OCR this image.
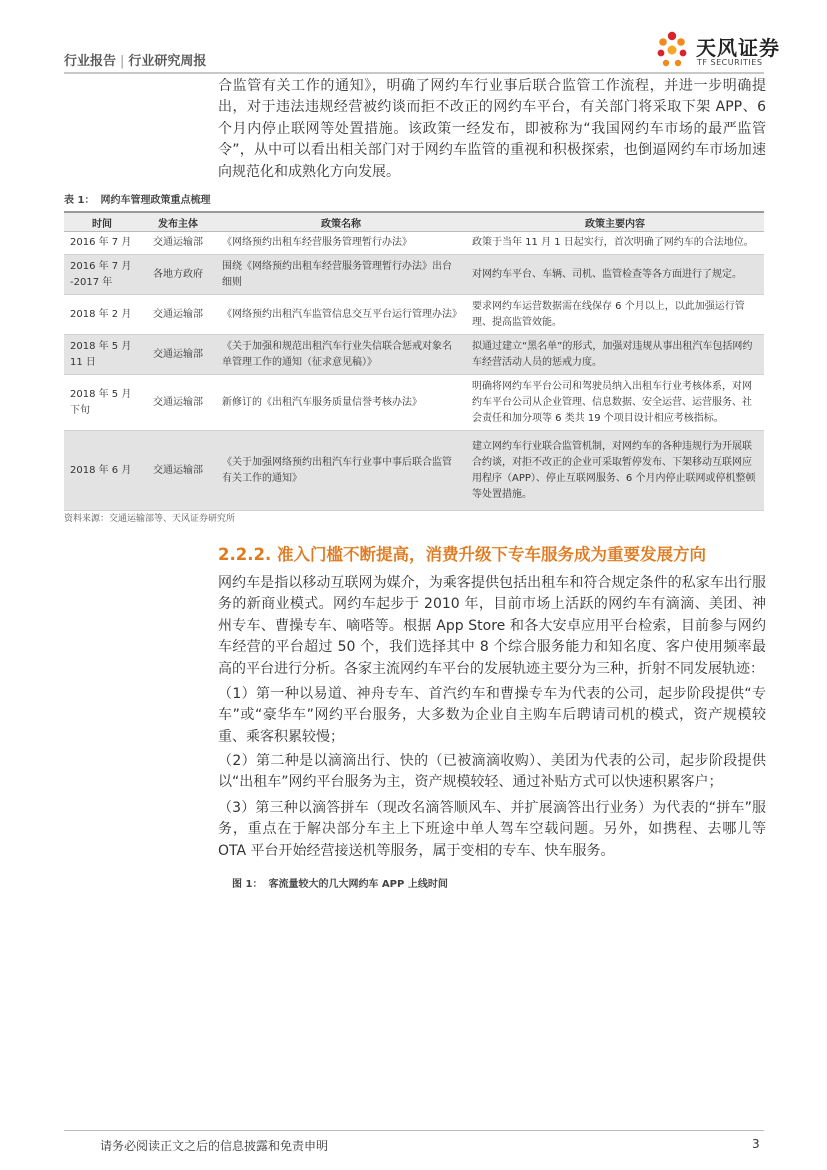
行业报告 | 行业研究周报
天风证券
TF SECURITIES

合监管有关工作的通知》，明确了网约车行业事后联合监管工作流程，并进一步明确提出，对于违法违规经营被约谈而拒不改正的网约车平台，有关部门将采取下架 APP、6 个月内停止联网等处置措施。该政策一经发布，即被称为“我国网约车市场的最严监管令”，从中可以看出相关部门对于网约车监管的重视和积极探索，也倒逼网约车市场加速向规范化和成熟化方向发展。

表 1： 网约车管理政策重点梳理

时间	发布主体	政策名称	政策主要内容
2016 年 7 月	交通运输部	《网络预约出租车经营服务管理暂行办法》	政策于当年 11 月 1 日起实行，首次明确了网约车的合法地位。
2016 年 7 月 -2017 年	各地方政府	围绕《网络预约出租车经营服务管理暂行办法》出台细则	对网约车平台、车辆、司机、监管检查等各方面进行了规定。
2018 年 2 月	交通运输部	《网络预约出租汽车监管信息交互平台运行管理办法》	要求网约车运营数据需在线保存 6 个月以上，以此加强运行管理、提高监管效能。
2018 年 5 月 11 日	交通运输部	《关于加强和规范出租汽车行业失信联合惩戒对象名单管理工作的通知（征求意见稿）》	拟通过建立“黑名单”的形式，加强对违规从事出租汽车包括网约车经营活动人员的惩戒力度。
2018 年 5 月 下旬	交通运输部	新修订的《出租汽车服务质量信誉考核办法》	明确将网约车平台公司和驾驶员纳入出租车行业考核体系，对网约车平台公司从企业管理、信息数据、安全运营、运营服务、社会责任和加分项等 6 类共 19 个项目设计相应考核指标。
2018 年 6 月	交通运输部	《关于加强网络预约出租汽车行业事中事后联合监管有关工作的通知》	建立网约车行业联合监管机制，对网约车的各种违规行为开展联合约谈，对拒不改正的企业可采取暂停发布、下架移动互联网应用程序（APP）、停止互联网服务、6 个月内停止联网或停机整顿等处置措施。

资料来源：交通运输部等、天风证券研究所

2.2.2. 准入门槛不断提高，消费升级下专车服务成为重要发展方向

网约车是指以移动互联网为媒介，为乘客提供包括出租车和符合规定条件的私家车出行服务的新商业模式。网约车起步于 2010 年，目前市场上活跃的网约车有滴滴、美团、神州专车、曹操专车、嘀嗒等。根据 App Store 和各大安卓应用平台检索，目前参与网约车经营的平台超过 50 个，我们选择其中 8 个综合服务能力和知名度、客户使用频率最高的平台进行分析。各家主流网约车平台的发展轨迹主要分为三种，折射不同发展轨迹：

（1）第一种以易道、神舟专车、首汽约车和曹操专车为代表的公司，起步阶段提供“专车”或“豪华车”网约平台服务，大多数为企业自主购车后聘请司机的模式，资产规模较重、乘客积累较慢；

（2）第二种是以滴滴出行、快的（已被滴滴收购）、美团为代表的公司，起步阶段提供以“出租车”网约平台服务为主，资产规模较轻、通过补贴方式可以快速积累客户；

（3）第三种以滴答拼车（现改名滴答顺风车、并扩展滴答出行业务）为代表的“拼车”服务，重点在于解决部分车主上下班途中单人驾车空载问题。另外，如携程、去哪儿等 OTA 平台开始经营接送机等服务，属于变相的专车、快车服务。

图 1： 客流量较大的几大网约车 APP 上线时间

请务必阅读正文之后的信息披露和免责申明	3
